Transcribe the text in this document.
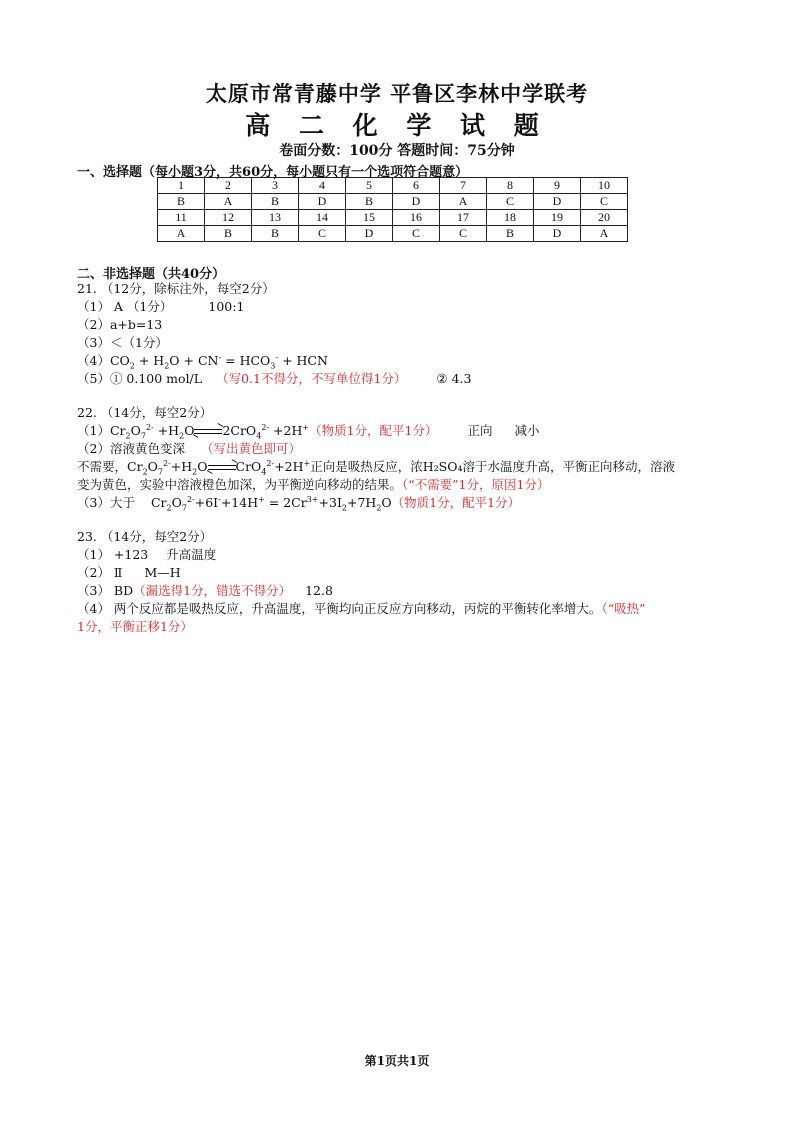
太原市常青藤中学 平鲁区李林中学联考
高 二 化 学 试 题
卷面分数：100分 答题时间：75分钟
一、选择题（每小题3分，共60分，每小题只有一个选项符合题意）
1	2	3	4	5	6	7	8	9	10
B	A	B	D	B	D	A	C	D	C
11	12	13	14	15	16	17	18	19	20
A	B	B	C	D	C	C	B	D	A
二、非选择题（共40分）
21. （12分，除标注外，每空2分）
（1） A （1分）	100:1
（2）a+b=13
（3）＜（1分）
$(4)CO_2 + H_2O + CN^- = HCO_3^-$ + HCN
（5）① 0.100 mol/L （写0.1不得分，不写单位得1分） ② 4.3
22. （14分，每空2分）
$(1)Cr_2O_7^{2-} +H_2O$ 2CrO$_4^{2-}$ +2H+（物质1分，配平1分） 正向 减小
（2）溶液黄色变深 （写出黄色即可）
不需要，$Cr_2O_7^{2-}+H_2O$ CrO$_4^{2-}$+2H+正向是吸热反应，浓H₂SO₄溶于水温度升高，平衡正向移动，溶液
变为黄色，实验中溶液橙色加深，为平衡逆向移动的结果。（“不需要”1分，原因1分）
（3）大于 $Cr_2O_7^{2-}+6I^-+14H^+ = 2Cr^{3+}+3I_2+7H_2O$（物质1分，配平1分）
23. （14分，每空2分）
（1） +123 升高温度
（2） Ⅱ M—H
（3） BD（漏选得1分，错选不得分） 12.8
（4） 两个反应都是吸热反应，升高温度，平衡均向正反应方向移动，丙烷的平衡转化率增大。（“吸热”
1分，平衡正移1分）
第1页共1页
